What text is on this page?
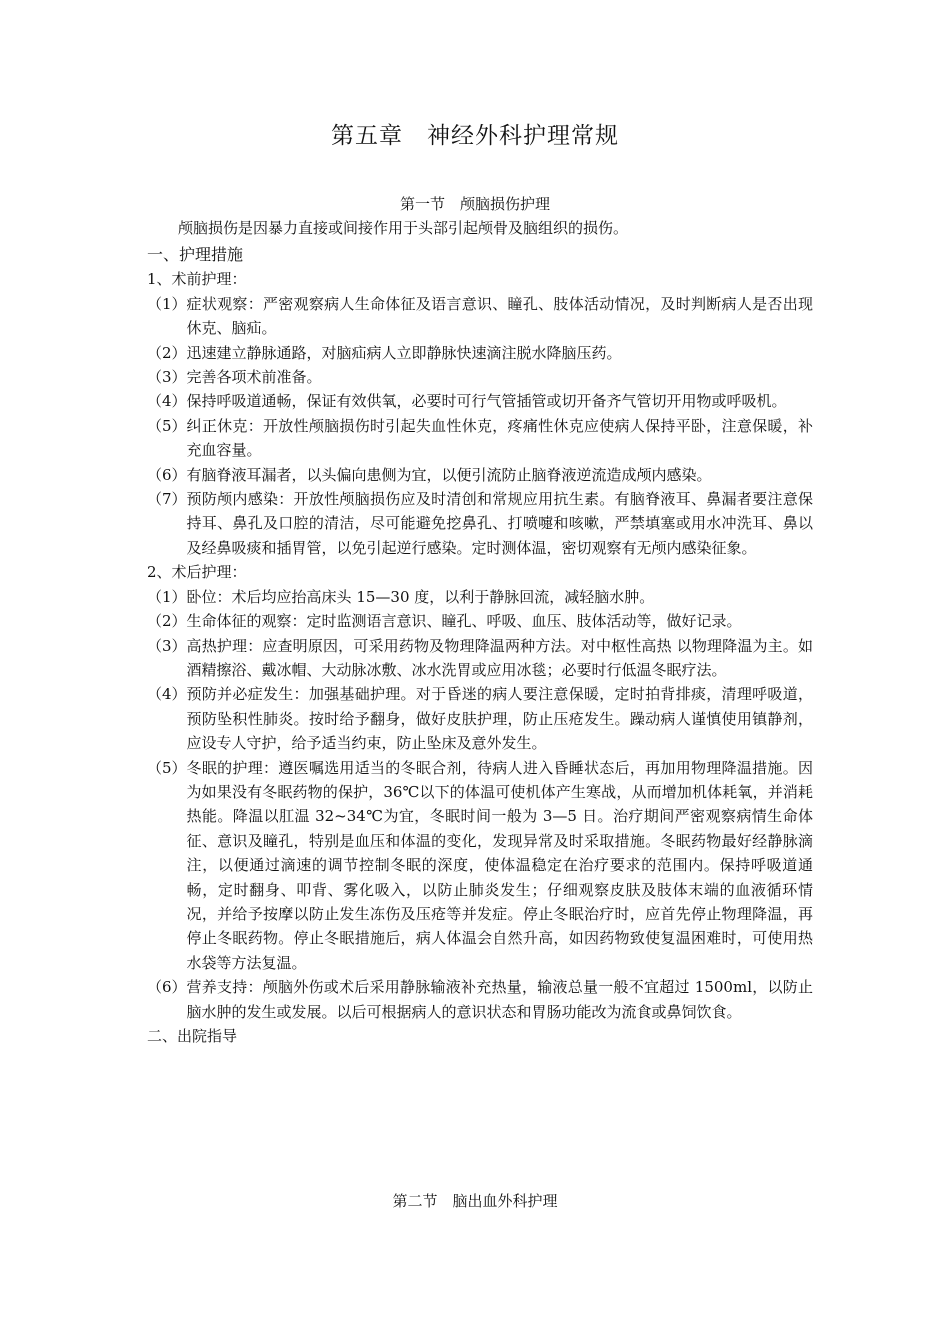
第五章　神经外科护理常规
第一节　颅脑损伤护理
颅脑损伤是因暴力直接或间接作用于头部引起颅骨及脑组织的损伤。
一、护理措施
1、术前护理：
（1） 症状观察：严密观察病人生命体征及语言意识、瞳孔、肢体活动情况，及时判断病人是否出现休克、脑疝。
（2） 迅速建立静脉通路，对脑疝病人立即静脉快速滴注脱水降脑压药。
（3） 完善各项术前准备。
（4） 保持呼吸道通畅，保证有效供氧，必要时可行气管插管或切开备齐气管切开用物或呼吸机。
（5） 纠正休克：开放性颅脑损伤时引起失血性休克，疼痛性休克应使病人保持平卧，注意保暖，补充血容量。
（6） 有脑脊液耳漏者，以头偏向患侧为宜，以便引流防止脑脊液逆流造成颅内感染。
（7） 预防颅内感染：开放性颅脑损伤应及时清创和常规应用抗生素。有脑脊液耳、鼻漏者要注意保持耳、鼻孔及口腔的清洁，尽可能避免挖鼻孔、打喷嚏和咳嗽，严禁填塞或用水冲洗耳、鼻以及经鼻吸痰和插胃管，以免引起逆行感染。定时测体温，密切观察有无颅内感染征象。
2、术后护理：
（1） 卧位：术后均应抬高床头 15—30 度，以利于静脉回流，减轻脑水肿。
（2） 生命体征的观察：定时监测语言意识、瞳孔、呼吸、血压、肢体活动等，做好记录。
（3） 高热护理：应查明原因，可采用药物及物理降温两种方法。对中枢性高热 以物理降温为主。如酒精擦浴、戴冰帽、大动脉冰敷、冰水洗胃或应用冰毯；必要时行低温冬眠疗法。
（4） 预防并必症发生：加强基础护理。对于昏迷的病人要注意保暖，定时拍背排痰，清理呼吸道，预防坠积性肺炎。按时给予翻身，做好皮肤护理，防止压疮发生。躁动病人谨慎使用镇静剂，应设专人守护，给予适当约束，防止坠床及意外发生。
（5） 冬眠的护理：遵医嘱选用适当的冬眠合剂，待病人进入昏睡状态后，再加用物理降温措施。因为如果没有冬眠药物的保护，36℃以下的体温可使机体产生寒战，从而增加机体耗氧，并消耗热能。降温以肛温 32~34℃为宜，冬眠时间一般为 3—5 日。治疗期间严密观察病情生命体征、意识及瞳孔，特别是血压和体温的变化，发现异常及时采取措施。冬眠药物最好经静脉滴注，以便通过滴速的调节控制冬眠的深度，使体温稳定在治疗要求的范围内。保持呼吸道通畅，定时翻身、叩背、雾化吸入，以防止肺炎发生；仔细观察皮肤及肢体末端的血液循环情况，并给予按摩以防止发生冻伤及压疮等并发症。停止冬眠治疗时，应首先停止物理降温，再停止冬眠药物。停止冬眠措施后，病人体温会自然升高，如因药物致使复温困难时，可使用热水袋等方法复温。
（6） 营养支持：颅脑外伤或术后采用静脉输液补充热量，输液总量一般不宜超过 1500ml，以防止脑水肿的发生或发展。以后可根据病人的意识状态和胃肠功能改为流食或鼻饲饮食。
二、出院指导
第二节　脑出血外科护理
